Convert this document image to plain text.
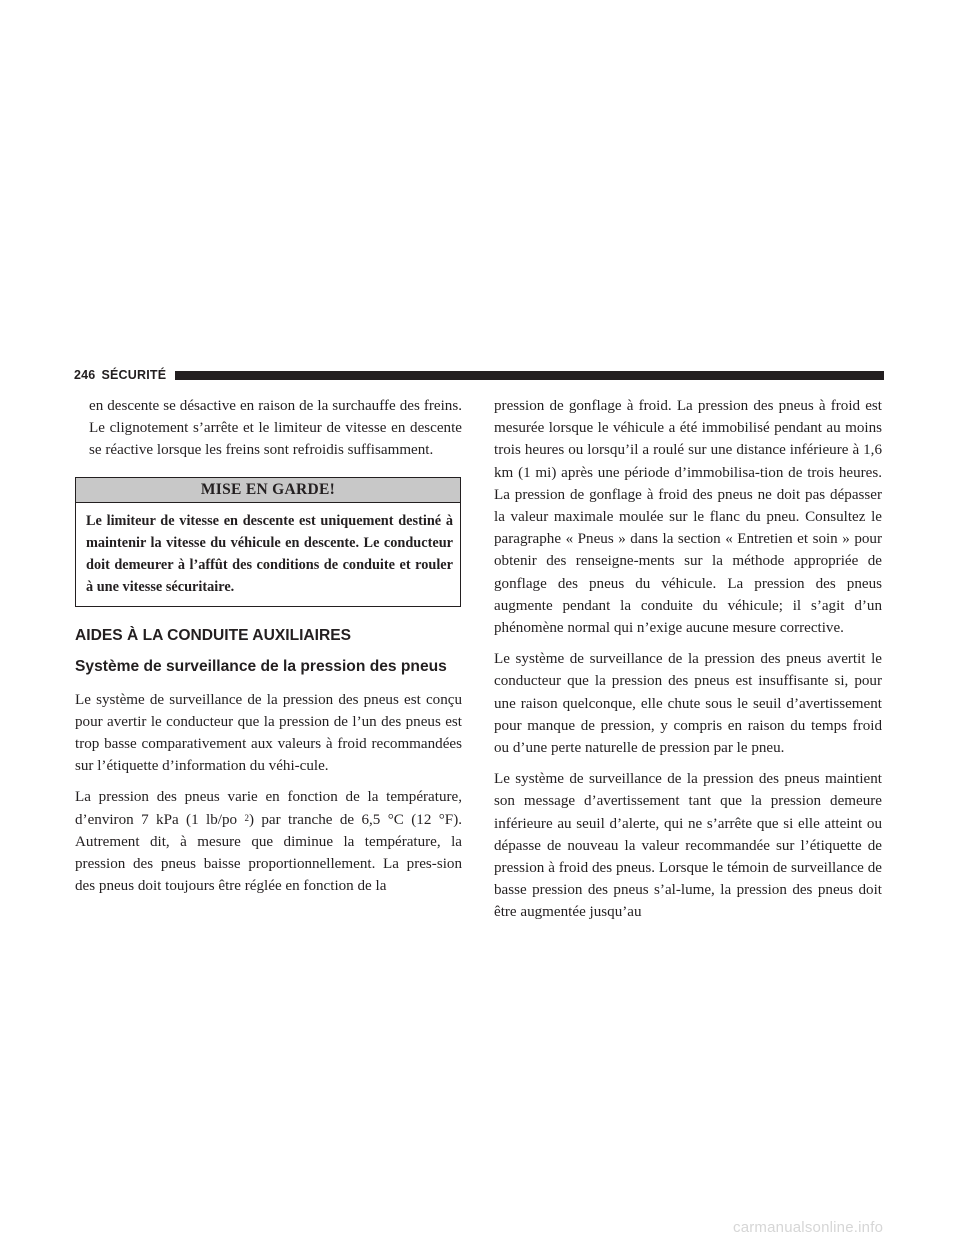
246 SÉCURITÉ

en descente se désactive en raison de la surchauffe des freins. Le clignotement s’arrête et le limiteur de vitesse en descente se réactive lorsque les freins sont refroidis suffisamment.

MISE EN GARDE!
Le limiteur de vitesse en descente est uniquement destiné à maintenir la vitesse du véhicule en descente. Le conducteur doit demeurer à l’affût des conditions de conduite et rouler à une vitesse sécuritaire.
AIDES À LA CONDUITE AUXILIAIRES
Système de surveillance de la pression des pneus

Le système de surveillance de la pression des pneus est conçu pour avertir le conducteur que la pression de l’un des pneus est trop basse comparativement aux valeurs à froid recommandées sur l’étiquette d’information du véhi-cule.

La pression des pneus varie en fonction de la température, d’environ 7 kPa (1 lb/po $^2$) par tranche de 6,5 °C (12 °F). Autrement dit, à mesure que diminue la température, la pression des pneus baisse proportionnellement. La pres-sion des pneus doit toujours être réglée en fonction de la

pression de gonflage à froid. La pression des pneus à froid est mesurée lorsque le véhicule a été immobilisé pendant au moins trois heures ou lorsqu’il a roulé sur une distance inférieure à 1,6 km (1 mi) après une période d’immobilisa-tion de trois heures. La pression de gonflage à froid des pneus ne doit pas dépasser la valeur maximale moulée sur le flanc du pneu. Consultez le paragraphe « Pneus » dans la section « Entretien et soin » pour obtenir des renseigne-ments sur la méthode appropriée de gonflage des pneus du véhicule. La pression des pneus augmente pendant la conduite du véhicule; il s’agit d’un phénomène normal qui n’exige aucune mesure corrective.

Le système de surveillance de la pression des pneus avertit le conducteur que la pression des pneus est insuffisante si, pour une raison quelconque, elle chute sous le seuil d’avertissement pour manque de pression, y compris en raison du temps froid ou d’une perte naturelle de pression par le pneu.

Le système de surveillance de la pression des pneus maintient son message d’avertissement tant que la pression demeure inférieure au seuil d’alerte, qui ne s’arrête que si elle atteint ou dépasse de nouveau la valeur recommandée sur l’étiquette de pression à froid des pneus. Lorsque le témoin de surveillance de basse pression des pneus s’al-lume, la pression des pneus doit être augmentée jusqu’au

carmanualsonline.info
